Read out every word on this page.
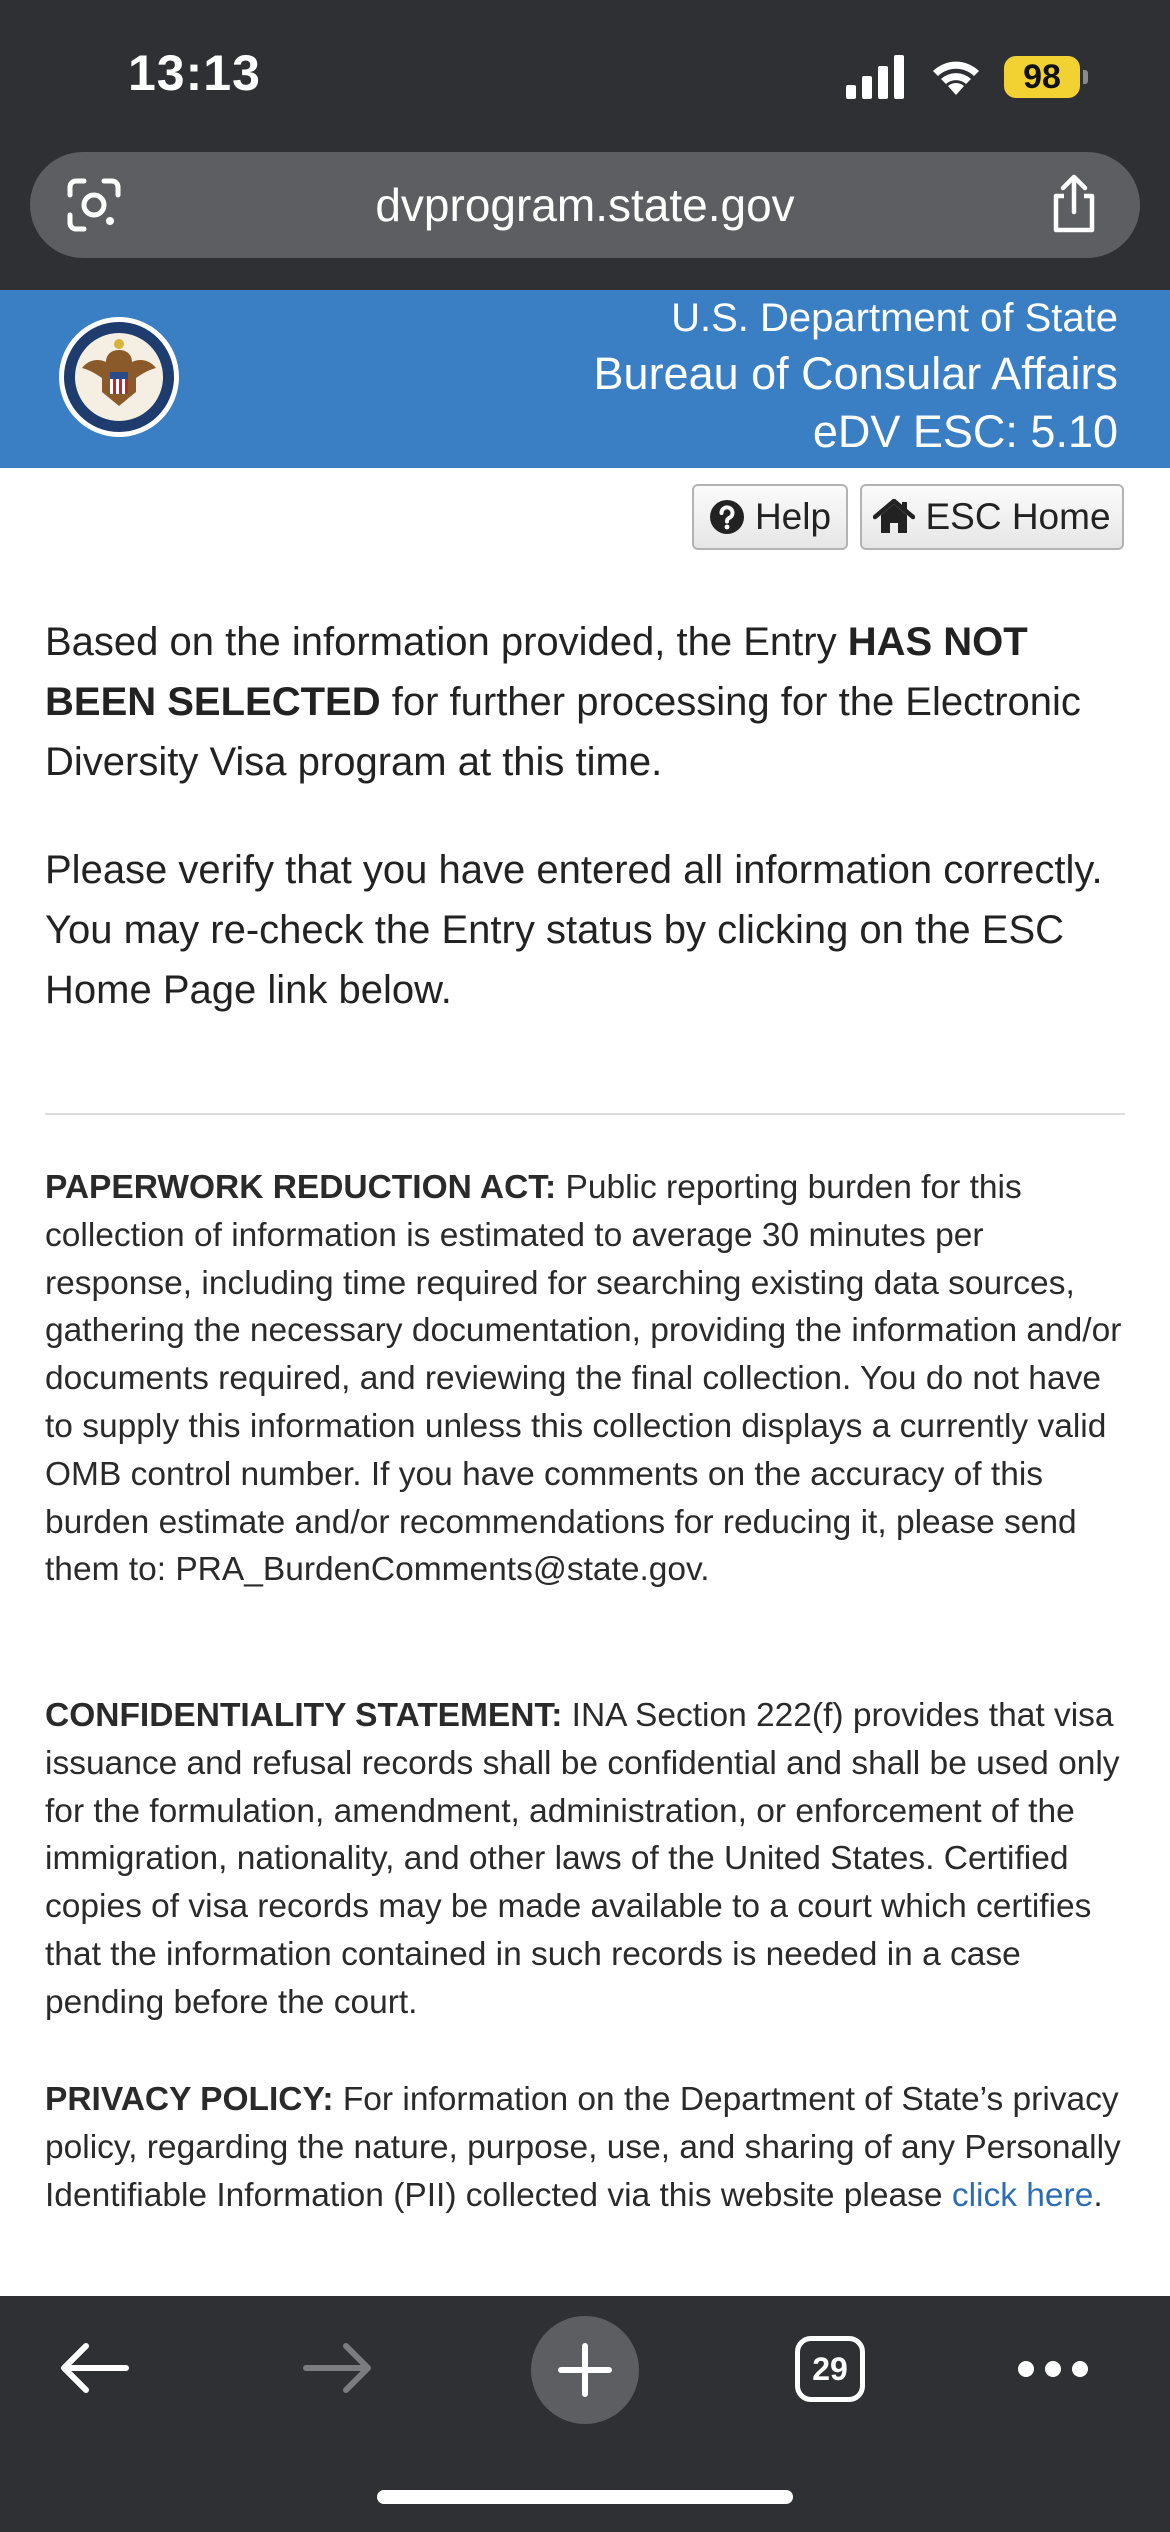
13:13	98
dvprogram.state.gov
U.S. Department of State
Bureau of Consular Affairs
eDV ESC: 5.10
Help	ESC Home
Based on the information provided, the Entry HAS NOT BEEN SELECTED for further processing for the Electronic Diversity Visa program at this time.
Please verify that you have entered all information correctly. You may re-check the Entry status by clicking on the ESC Home Page link below.
PAPERWORK REDUCTION ACT: Public reporting burden for this collection of information is estimated to average 30 minutes per response, including time required for searching existing data sources, gathering the necessary documentation, providing the information and/or documents required, and reviewing the final collection. You do not have to supply this information unless this collection displays a currently valid OMB control number. If you have comments on the accuracy of this burden estimate and/or recommendations for reducing it, please send them to: PRA_BurdenComments@state.gov.
CONFIDENTIALITY STATEMENT: INA Section 222(f) provides that visa issuance and refusal records shall be confidential and shall be used only for the formulation, amendment, administration, or enforcement of the immigration, nationality, and other laws of the United States. Certified copies of visa records may be made available to a court which certifies that the information contained in such records is needed in a case pending before the court.
PRIVACY POLICY: For information on the Department of State’s privacy policy, regarding the nature, purpose, use, and sharing of any Personally Identifiable Information (PII) collected via this website please click here.
29
